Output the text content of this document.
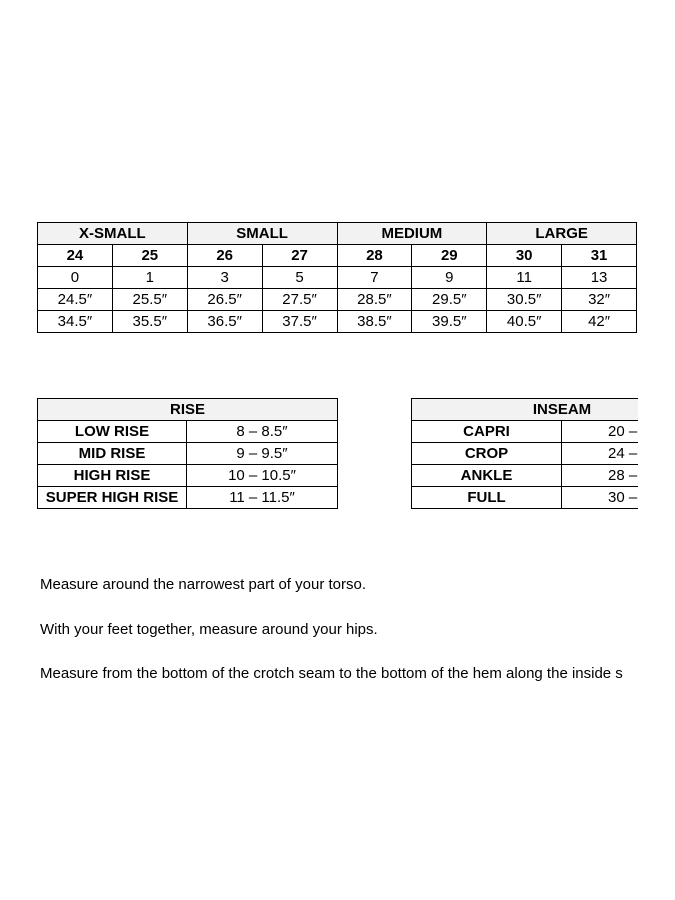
X-SMALL		SMALL		MEDIUM		LARGE	
24	25	26	27	28	29	30	31
0	1	3	5	7	9	11	13
24.5″	25.5″	26.5″	27.5″	28.5″	29.5″	30.5″	32″
34.5″	35.5″	36.5″	37.5″	38.5″	39.5″	40.5″	42″
RISE	
LOW RISE	8 – 8.5″
MID RISE	9 – 9.5″
HIGH RISE	10 – 10.5″
SUPER HIGH RISE	11 – 11.5″
INSEAM	
CAPRI	20 –
CROP	24 –
ANKLE	28 –
FULL	30 –
Measure around the narrowest part of your torso.
With your feet together, measure around your hips.
Measure from the bottom of the crotch seam to the bottom of the hem along the inside s
